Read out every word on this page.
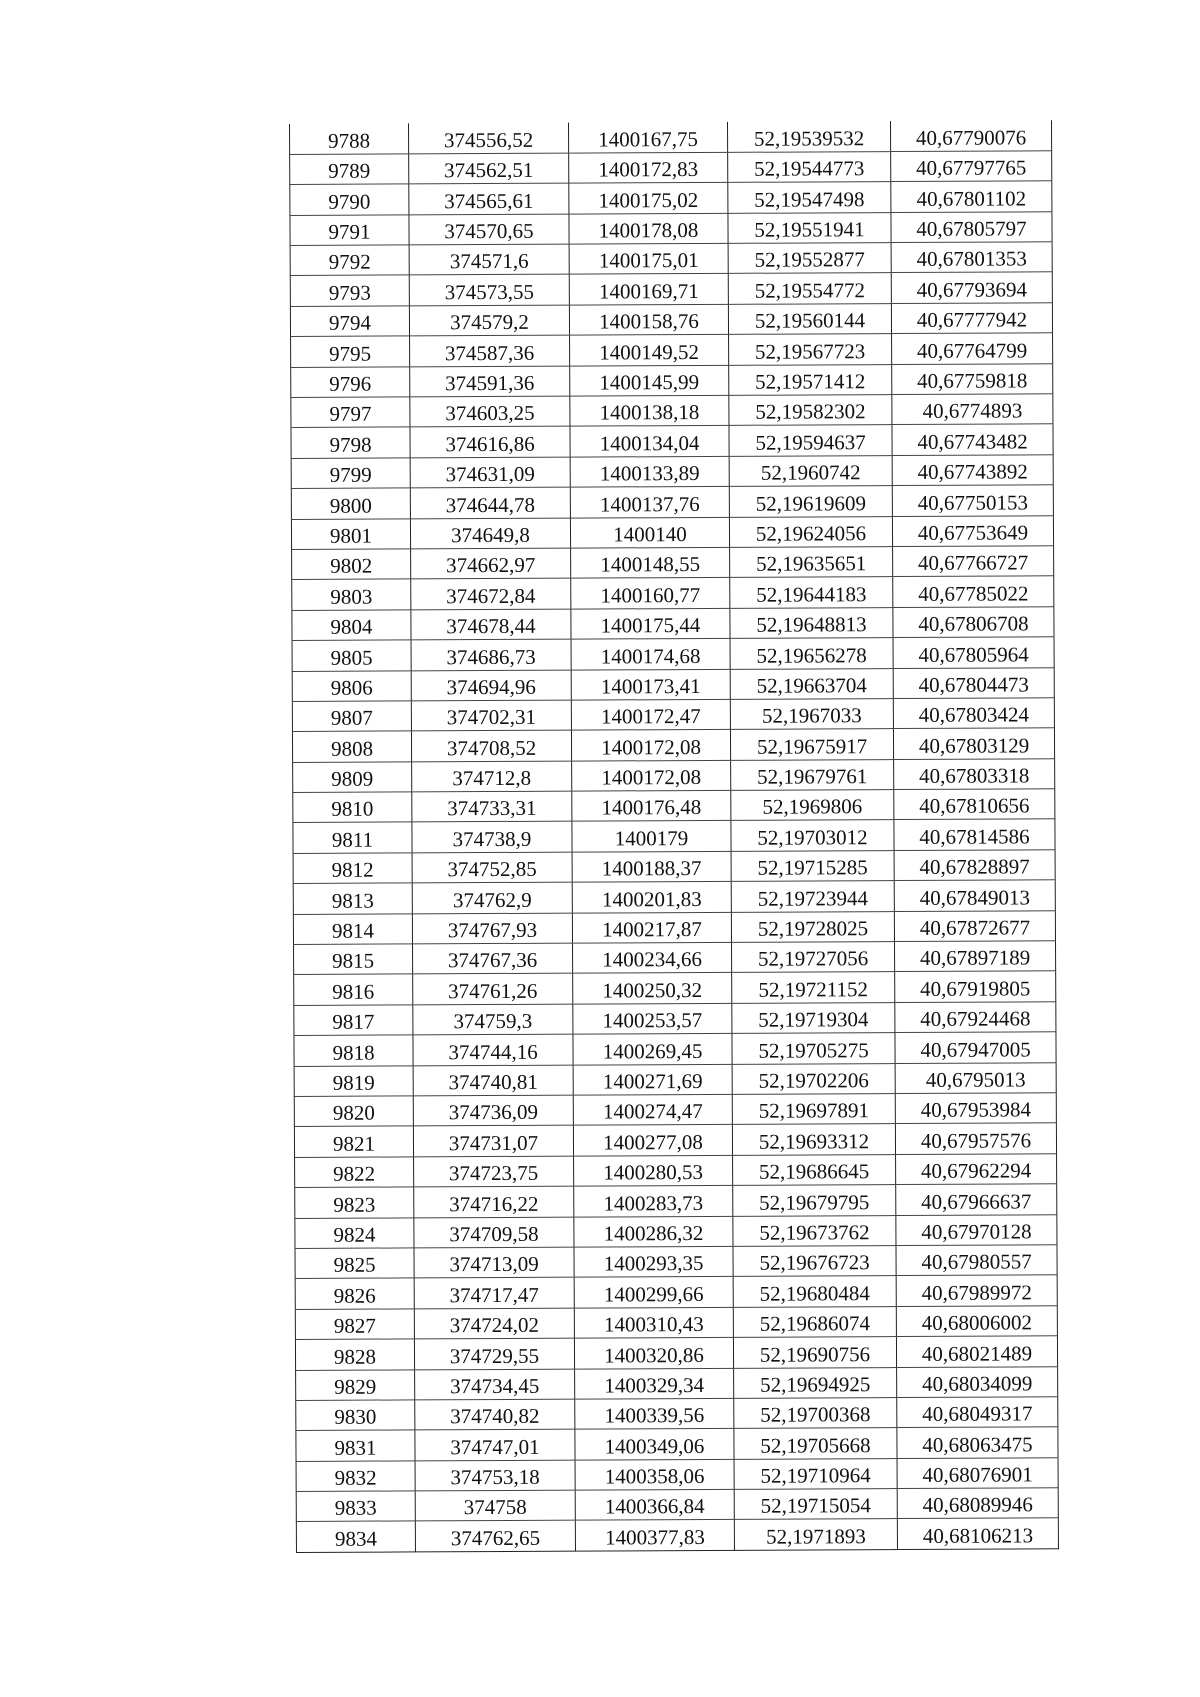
9788	374556,52	1400167,75	52,19539532	40,67790076
9789	374562,51	1400172,83	52,19544773	40,67797765
9790	374565,61	1400175,02	52,19547498	40,67801102
9791	374570,65	1400178,08	52,19551941	40,67805797
9792	374571,6	1400175,01	52,19552877	40,67801353
9793	374573,55	1400169,71	52,19554772	40,67793694
9794	374579,2	1400158,76	52,19560144	40,67777942
9795	374587,36	1400149,52	52,19567723	40,67764799
9796	374591,36	1400145,99	52,19571412	40,67759818
9797	374603,25	1400138,18	52,19582302	40,6774893
9798	374616,86	1400134,04	52,19594637	40,67743482
9799	374631,09	1400133,89	52,1960742	40,67743892
9800	374644,78	1400137,76	52,19619609	40,67750153
9801	374649,8	1400140	52,19624056	40,67753649
9802	374662,97	1400148,55	52,19635651	40,67766727
9803	374672,84	1400160,77	52,19644183	40,67785022
9804	374678,44	1400175,44	52,19648813	40,67806708
9805	374686,73	1400174,68	52,19656278	40,67805964
9806	374694,96	1400173,41	52,19663704	40,67804473
9807	374702,31	1400172,47	52,1967033	40,67803424
9808	374708,52	1400172,08	52,19675917	40,67803129
9809	374712,8	1400172,08	52,19679761	40,67803318
9810	374733,31	1400176,48	52,1969806	40,67810656
9811	374738,9	1400179	52,19703012	40,67814586
9812	374752,85	1400188,37	52,19715285	40,67828897
9813	374762,9	1400201,83	52,19723944	40,67849013
9814	374767,93	1400217,87	52,19728025	40,67872677
9815	374767,36	1400234,66	52,19727056	40,67897189
9816	374761,26	1400250,32	52,19721152	40,67919805
9817	374759,3	1400253,57	52,19719304	40,67924468
9818	374744,16	1400269,45	52,19705275	40,67947005
9819	374740,81	1400271,69	52,19702206	40,6795013
9820	374736,09	1400274,47	52,19697891	40,67953984
9821	374731,07	1400277,08	52,19693312	40,67957576
9822	374723,75	1400280,53	52,19686645	40,67962294
9823	374716,22	1400283,73	52,19679795	40,67966637
9824	374709,58	1400286,32	52,19673762	40,67970128
9825	374713,09	1400293,35	52,19676723	40,67980557
9826	374717,47	1400299,66	52,19680484	40,67989972
9827	374724,02	1400310,43	52,19686074	40,68006002
9828	374729,55	1400320,86	52,19690756	40,68021489
9829	374734,45	1400329,34	52,19694925	40,68034099
9830	374740,82	1400339,56	52,19700368	40,68049317
9831	374747,01	1400349,06	52,19705668	40,68063475
9832	374753,18	1400358,06	52,19710964	40,68076901
9833	374758	1400366,84	52,19715054	40,68089946
9834	374762,65	1400377,83	52,1971893	40,68106213
